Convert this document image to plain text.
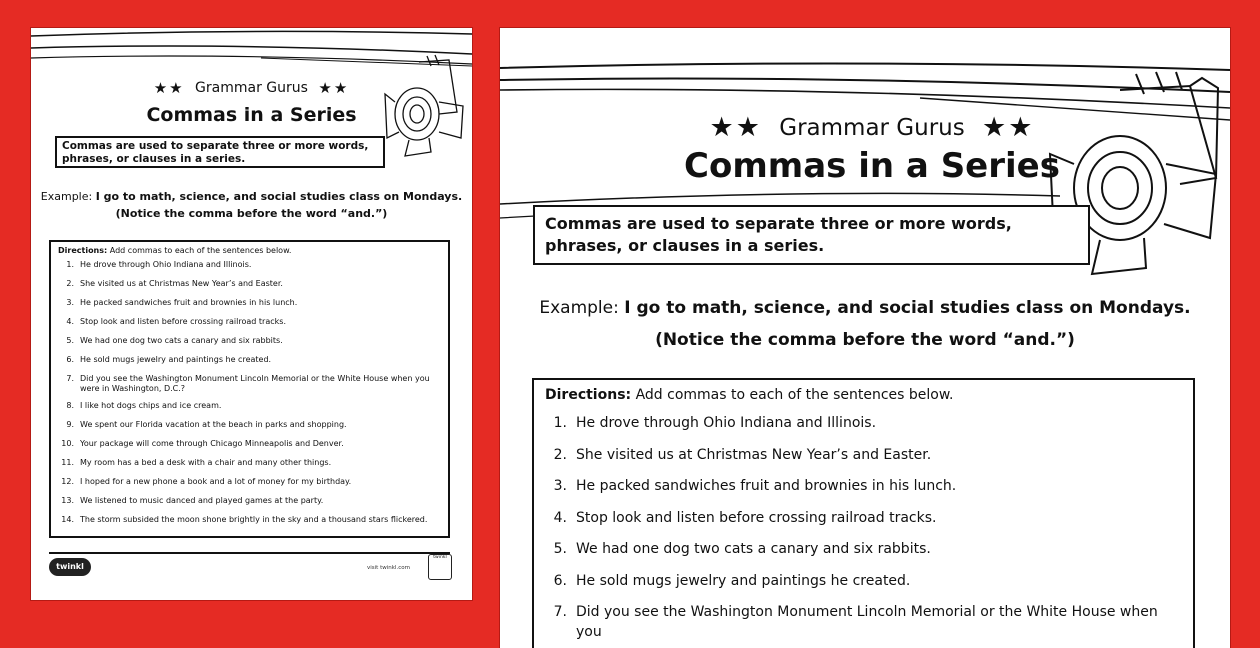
★★ Grammar Gurus ★★
Commas in a Series
Commas are used to separate three or more words, phrases, or clauses in a series.
Example: I go to math, science, and social studies class on Mondays.
(Notice the comma before the word “and.”)
Directions: Add commas to each of the sentences below.
1. He drove through Ohio Indiana and Illinois.
2. She visited us at Christmas New Year’s and Easter.
3. He packed sandwiches fruit and brownies in his lunch.
4. Stop look and listen before crossing railroad tracks.
5. We had one dog two cats a canary and six rabbits.
6. He sold mugs jewelry and paintings he created.
7. Did you see the Washington Monument Lincoln Memorial or the White House when you were in Washington, D.C.?
8. I like hot dogs chips and ice cream.
9. We spent our Florida vacation at the beach in parks and shopping.
10. Your package will come through Chicago Minneapolis and Denver.
11. My room has a bed a desk with a chair and many other things.
12. I hoped for a new phone a book and a lot of money for my birthday.
13. We listened to music danced and played games at the party.
14. The storm subsided the moon shone brightly in the sky and a thousand stars flickered.
twinkl	visit twinkl.com
twinkl
★★ Grammar Gurus ★★
Commas in a Series
Commas are used to separate three or more words, phrases, or clauses in a series.
Example: I go to math, science, and social studies class on Mondays.
(Notice the comma before the word “and.”)
Directions: Add commas to each of the sentences below.
1. He drove through Ohio Indiana and Illinois.
2. She visited us at Christmas New Year’s and Easter.
3. He packed sandwiches fruit and brownies in his lunch.
4. Stop look and listen before crossing railroad tracks.
5. We had one dog two cats a canary and six rabbits.
6. He sold mugs jewelry and paintings he created.
7. Did you see the Washington Monument Lincoln Memorial or the White House when you
